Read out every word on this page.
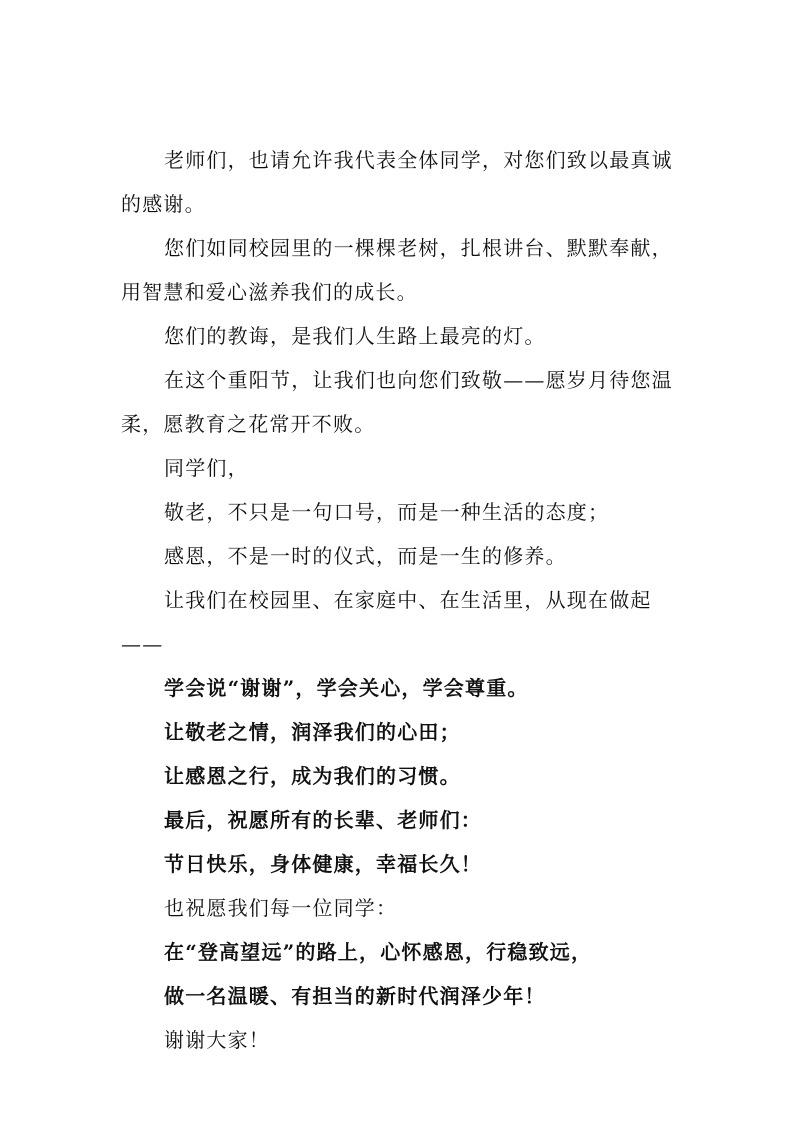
老师们，也请允许我代表全体同学，对您们致以最真诚的感谢。

您们如同校园里的一棵棵老树，扎根讲台、默默奉献，用智慧和爱心滋养我们的成长。

您们的教诲，是我们人生路上最亮的灯。

在这个重阳节，让我们也向您们致敬——愿岁月待您温柔，愿教育之花常开不败。

同学们，

敬老，不只是一句口号，而是一种生活的态度；

感恩，不是一时的仪式，而是一生的修养。

让我们在校园里、在家庭中、在生活里，从现在做起——

学会说“谢谢”，学会关心，学会尊重。

让敬老之情，润泽我们的心田；

让感恩之行，成为我们的习惯。

最后，祝愿所有的长辈、老师们：

节日快乐，身体健康，幸福长久！

也祝愿我们每一位同学：

在“登高望远”的路上，心怀感恩，行稳致远，

做一名温暖、有担当的新时代润泽少年！

谢谢大家！
